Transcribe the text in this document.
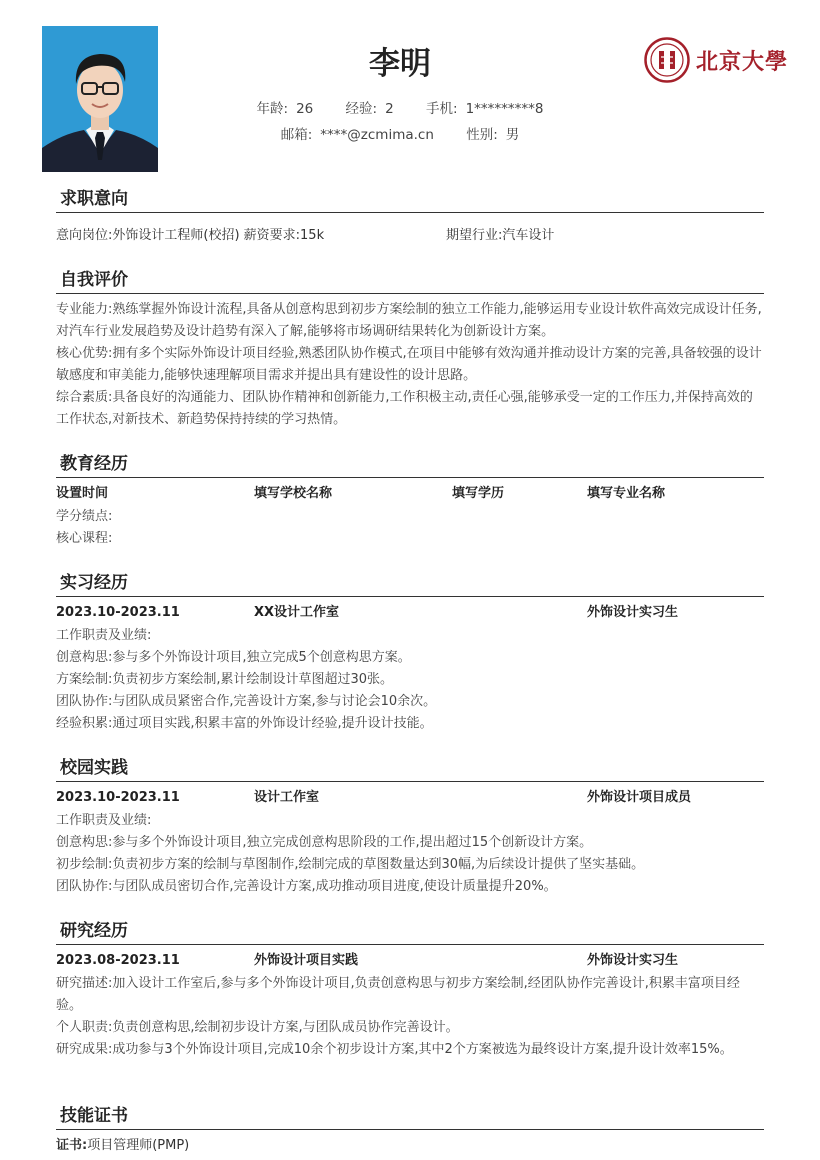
李明
年龄: 26 经验: 2 手机: 1*********8
邮箱: ****@zcmima.cn 性别: 男
北京大學
求职意向
意向岗位:外饰设计工程师(校招) 薪资要求:15k	期望行业:汽车设计
自我评价
专业能力:熟练掌握外饰设计流程,具备从创意构思到初步方案绘制的独立工作能力,能够运用专业设计软件高效完成设计任务,对汽车行业发展趋势及设计趋势有深入了解,能够将市场调研结果转化为创新设计方案。
核心优势:拥有多个实际外饰设计项目经验,熟悉团队协作模式,在项目中能够有效沟通并推动设计方案的完善,具备较强的设计敏感度和审美能力,能够快速理解项目需求并提出具有建设性的设计思路。
综合素质:具备良好的沟通能力、团队协作精神和创新能力,工作积极主动,责任心强,能够承受一定的工作压力,并保持高效的工作状态,对新技术、新趋势保持持续的学习热情。
教育经历
设置时间	填写学校名称	填写学历	填写专业名称
学分绩点:
核心课程:
实习经历
2023.10-2023.11	XX设计工作室	外饰设计实习生
工作职责及业绩:
创意构思:参与多个外饰设计项目,独立完成5个创意构思方案。
方案绘制:负责初步方案绘制,累计绘制设计草图超过30张。
团队协作:与团队成员紧密合作,完善设计方案,参与讨论会10余次。
经验积累:通过项目实践,积累丰富的外饰设计经验,提升设计技能。
校园实践
2023.10-2023.11	设计工作室	外饰设计项目成员
工作职责及业绩:
创意构思:参与多个外饰设计项目,独立完成创意构思阶段的工作,提出超过15个创新设计方案。
初步绘制:负责初步方案的绘制与草图制作,绘制完成的草图数量达到30幅,为后续设计提供了坚实基础。
团队协作:与团队成员密切合作,完善设计方案,成功推动项目进度,使设计质量提升20%。
研究经历
2023.08-2023.11	外饰设计项目实践	外饰设计实习生
研究描述:加入设计工作室后,参与多个外饰设计项目,负责创意构思与初步方案绘制,经团队协作完善设计,积累丰富项目经验。
个人职责:负责创意构思,绘制初步设计方案,与团队成员协作完善设计。
研究成果:成功参与3个外饰设计项目,完成10余个初步设计方案,其中2个方案被选为最终设计方案,提升设计效率15%。
技能证书
证书:项目管理师(PMP)
